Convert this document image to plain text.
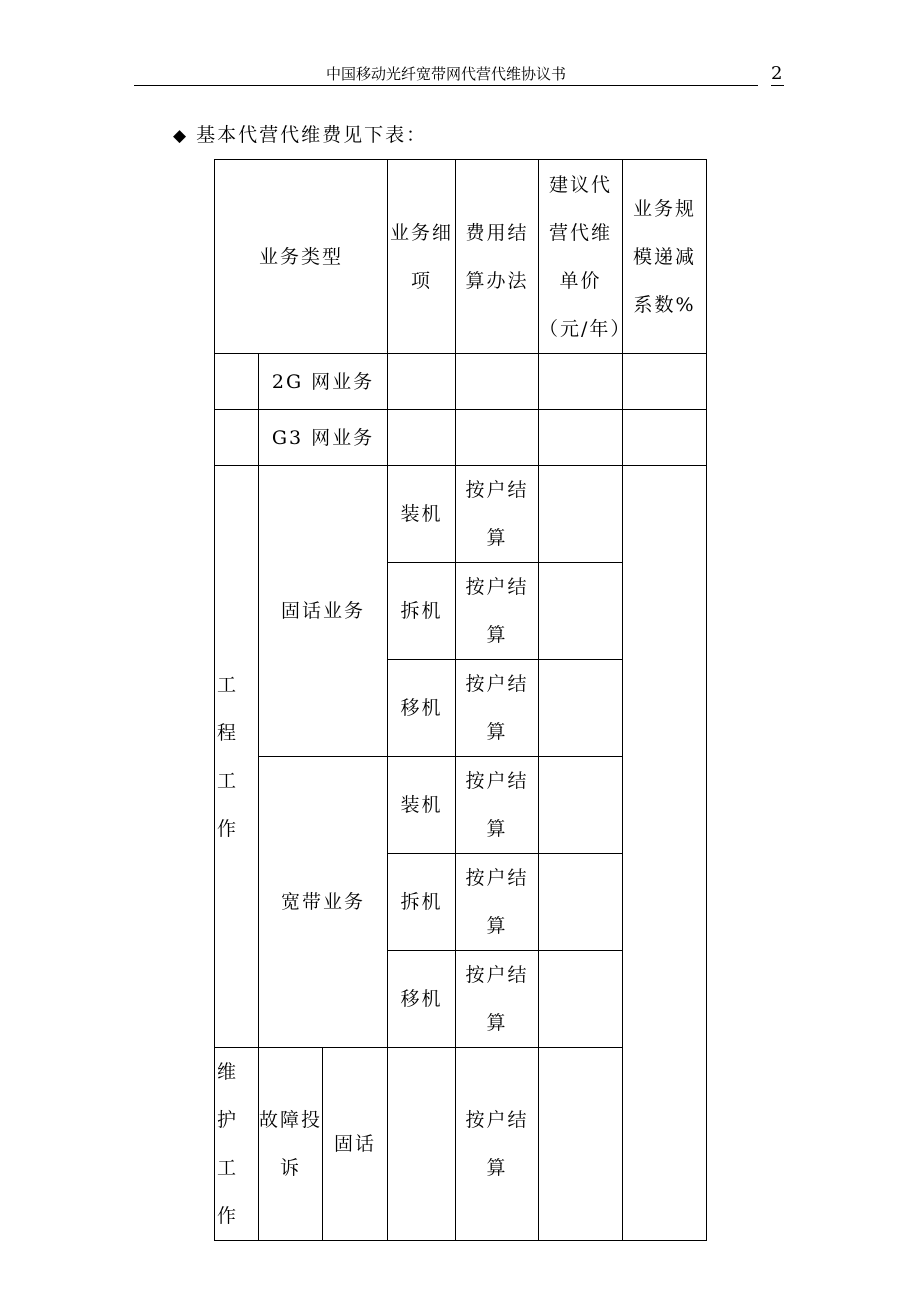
中国移动光纤宽带网代营代维协议书	2
◆ 基本代营代维费见下表：
业务类型			业务细项	费用结算办法	建议代营代维单价（元/年）	业务规模递减系数%
	2G 网业务					
	G3 网业务					
工程工作	固话业务		装机	按户结算		
			拆机	按户结算		
			移机	按户结算		
	宽带业务		装机	按户结算		
			拆机	按户结算		
			移机	按户结算		
维护工作	故障投诉	固话		按户结算		
